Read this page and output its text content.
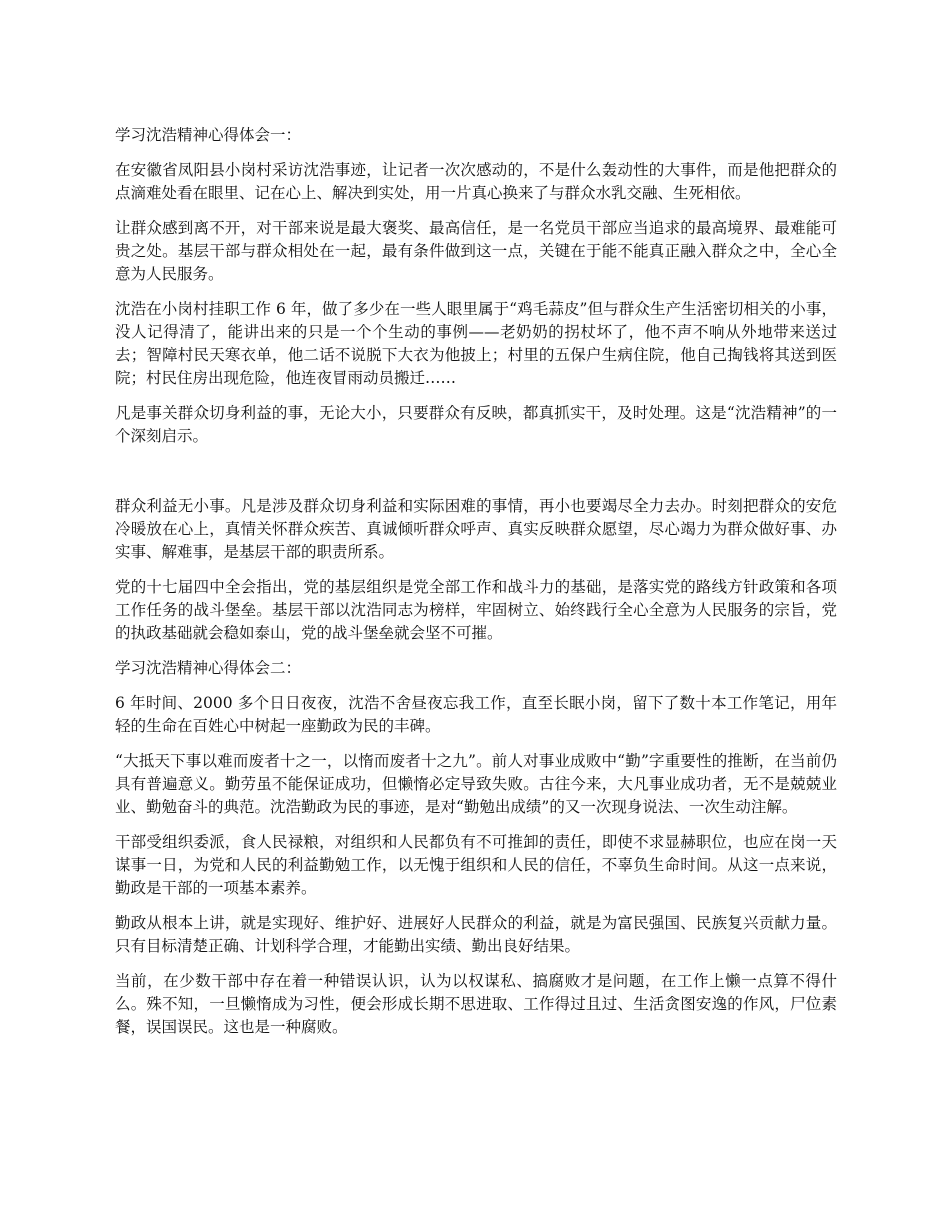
学习沈浩精神心得体会一：

在安徽省凤阳县小岗村采访沈浩事迹，让记者一次次感动的，不是什么轰动性的大事件，而是他把群众的点滴难处看在眼里、记在心上、解决到实处，用一片真心换来了与群众水乳交融、生死相依。

让群众感到离不开，对干部来说是最大褒奖、最高信任，是一名党员干部应当追求的最高境界、最难能可贵之处。基层干部与群众相处在一起，最有条件做到这一点，关键在于能不能真正融入群众之中，全心全意为人民服务。

沈浩在小岗村挂职工作 6 年，做了多少在一些人眼里属于“鸡毛蒜皮”但与群众生产生活密切相关的小事，没人记得清了，能讲出来的只是一个个生动的事例——老奶奶的拐杖坏了，他不声不响从外地带来送过去；智障村民天寒衣单，他二话不说脱下大衣为他披上；村里的五保户生病住院，他自己掏钱将其送到医院；村民住房出现危险，他连夜冒雨动员搬迁……

凡是事关群众切身利益的事，无论大小，只要群众有反映，都真抓实干，及时处理。这是“沈浩精神”的一个深刻启示。

群众利益无小事。凡是涉及群众切身利益和实际困难的事情，再小也要竭尽全力去办。时刻把群众的安危冷暖放在心上，真情关怀群众疾苦、真诚倾听群众呼声、真实反映群众愿望，尽心竭力为群众做好事、办实事、解难事，是基层干部的职责所系。

党的十七届四中全会指出，党的基层组织是党全部工作和战斗力的基础，是落实党的路线方针政策和各项工作任务的战斗堡垒。基层干部以沈浩同志为榜样，牢固树立、始终践行全心全意为人民服务的宗旨，党的执政基础就会稳如泰山，党的战斗堡垒就会坚不可摧。

学习沈浩精神心得体会二：

6 年时间、2000 多个日日夜夜，沈浩不舍昼夜忘我工作，直至长眠小岗，留下了数十本工作笔记，用年轻的生命在百姓心中树起一座勤政为民的丰碑。

“大抵天下事以难而废者十之一，以惰而废者十之九”。前人对事业成败中“勤”字重要性的推断，在当前仍具有普遍意义。勤劳虽不能保证成功，但懒惰必定导致失败。古往今来，大凡事业成功者，无不是兢兢业业、勤勉奋斗的典范。沈浩勤政为民的事迹，是对“勤勉出成绩”的又一次现身说法、一次生动注解。

干部受组织委派，食人民禄粮，对组织和人民都负有不可推卸的责任，即使不求显赫职位，也应在岗一天谋事一日，为党和人民的利益勤勉工作，以无愧于组织和人民的信任，不辜负生命时间。从这一点来说，勤政是干部的一项基本素养。

勤政从根本上讲，就是实现好、维护好、进展好人民群众的利益，就是为富民强国、民族复兴贡献力量。只有目标清楚正确、计划科学合理，才能勤出实绩、勤出良好结果。

当前，在少数干部中存在着一种错误认识，认为以权谋私、搞腐败才是问题，在工作上懒一点算不得什么。殊不知，一旦懒惰成为习性，便会形成长期不思进取、工作得过且过、生活贪图安逸的作风，尸位素餐，误国误民。这也是一种腐败。
